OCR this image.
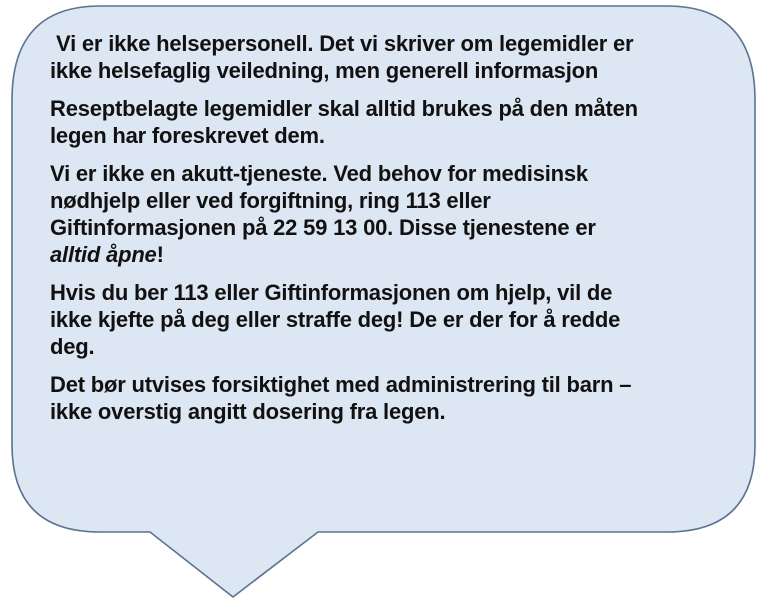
Vi er ikke helsepersonell. Det vi skriver om legemidler er
ikke helsefaglig veiledning, men generell informasjon

Reseptbelagte legemidler skal alltid brukes på den måten
legen har foreskrevet dem.

Vi er ikke en akutt-tjeneste. Ved behov for medisinsk
nødhjelp eller ved forgiftning, ring 113 eller
Giftinformasjonen på 22 59 13 00. Disse tjenestene er
alltid åpne!

Hvis du ber 113 eller Giftinformasjonen om hjelp, vil de
ikke kjefte på deg eller straffe deg! De er der for å redde
deg.

Det bør utvises forsiktighet med administrering til barn –
ikke overstig angitt dosering fra legen.
